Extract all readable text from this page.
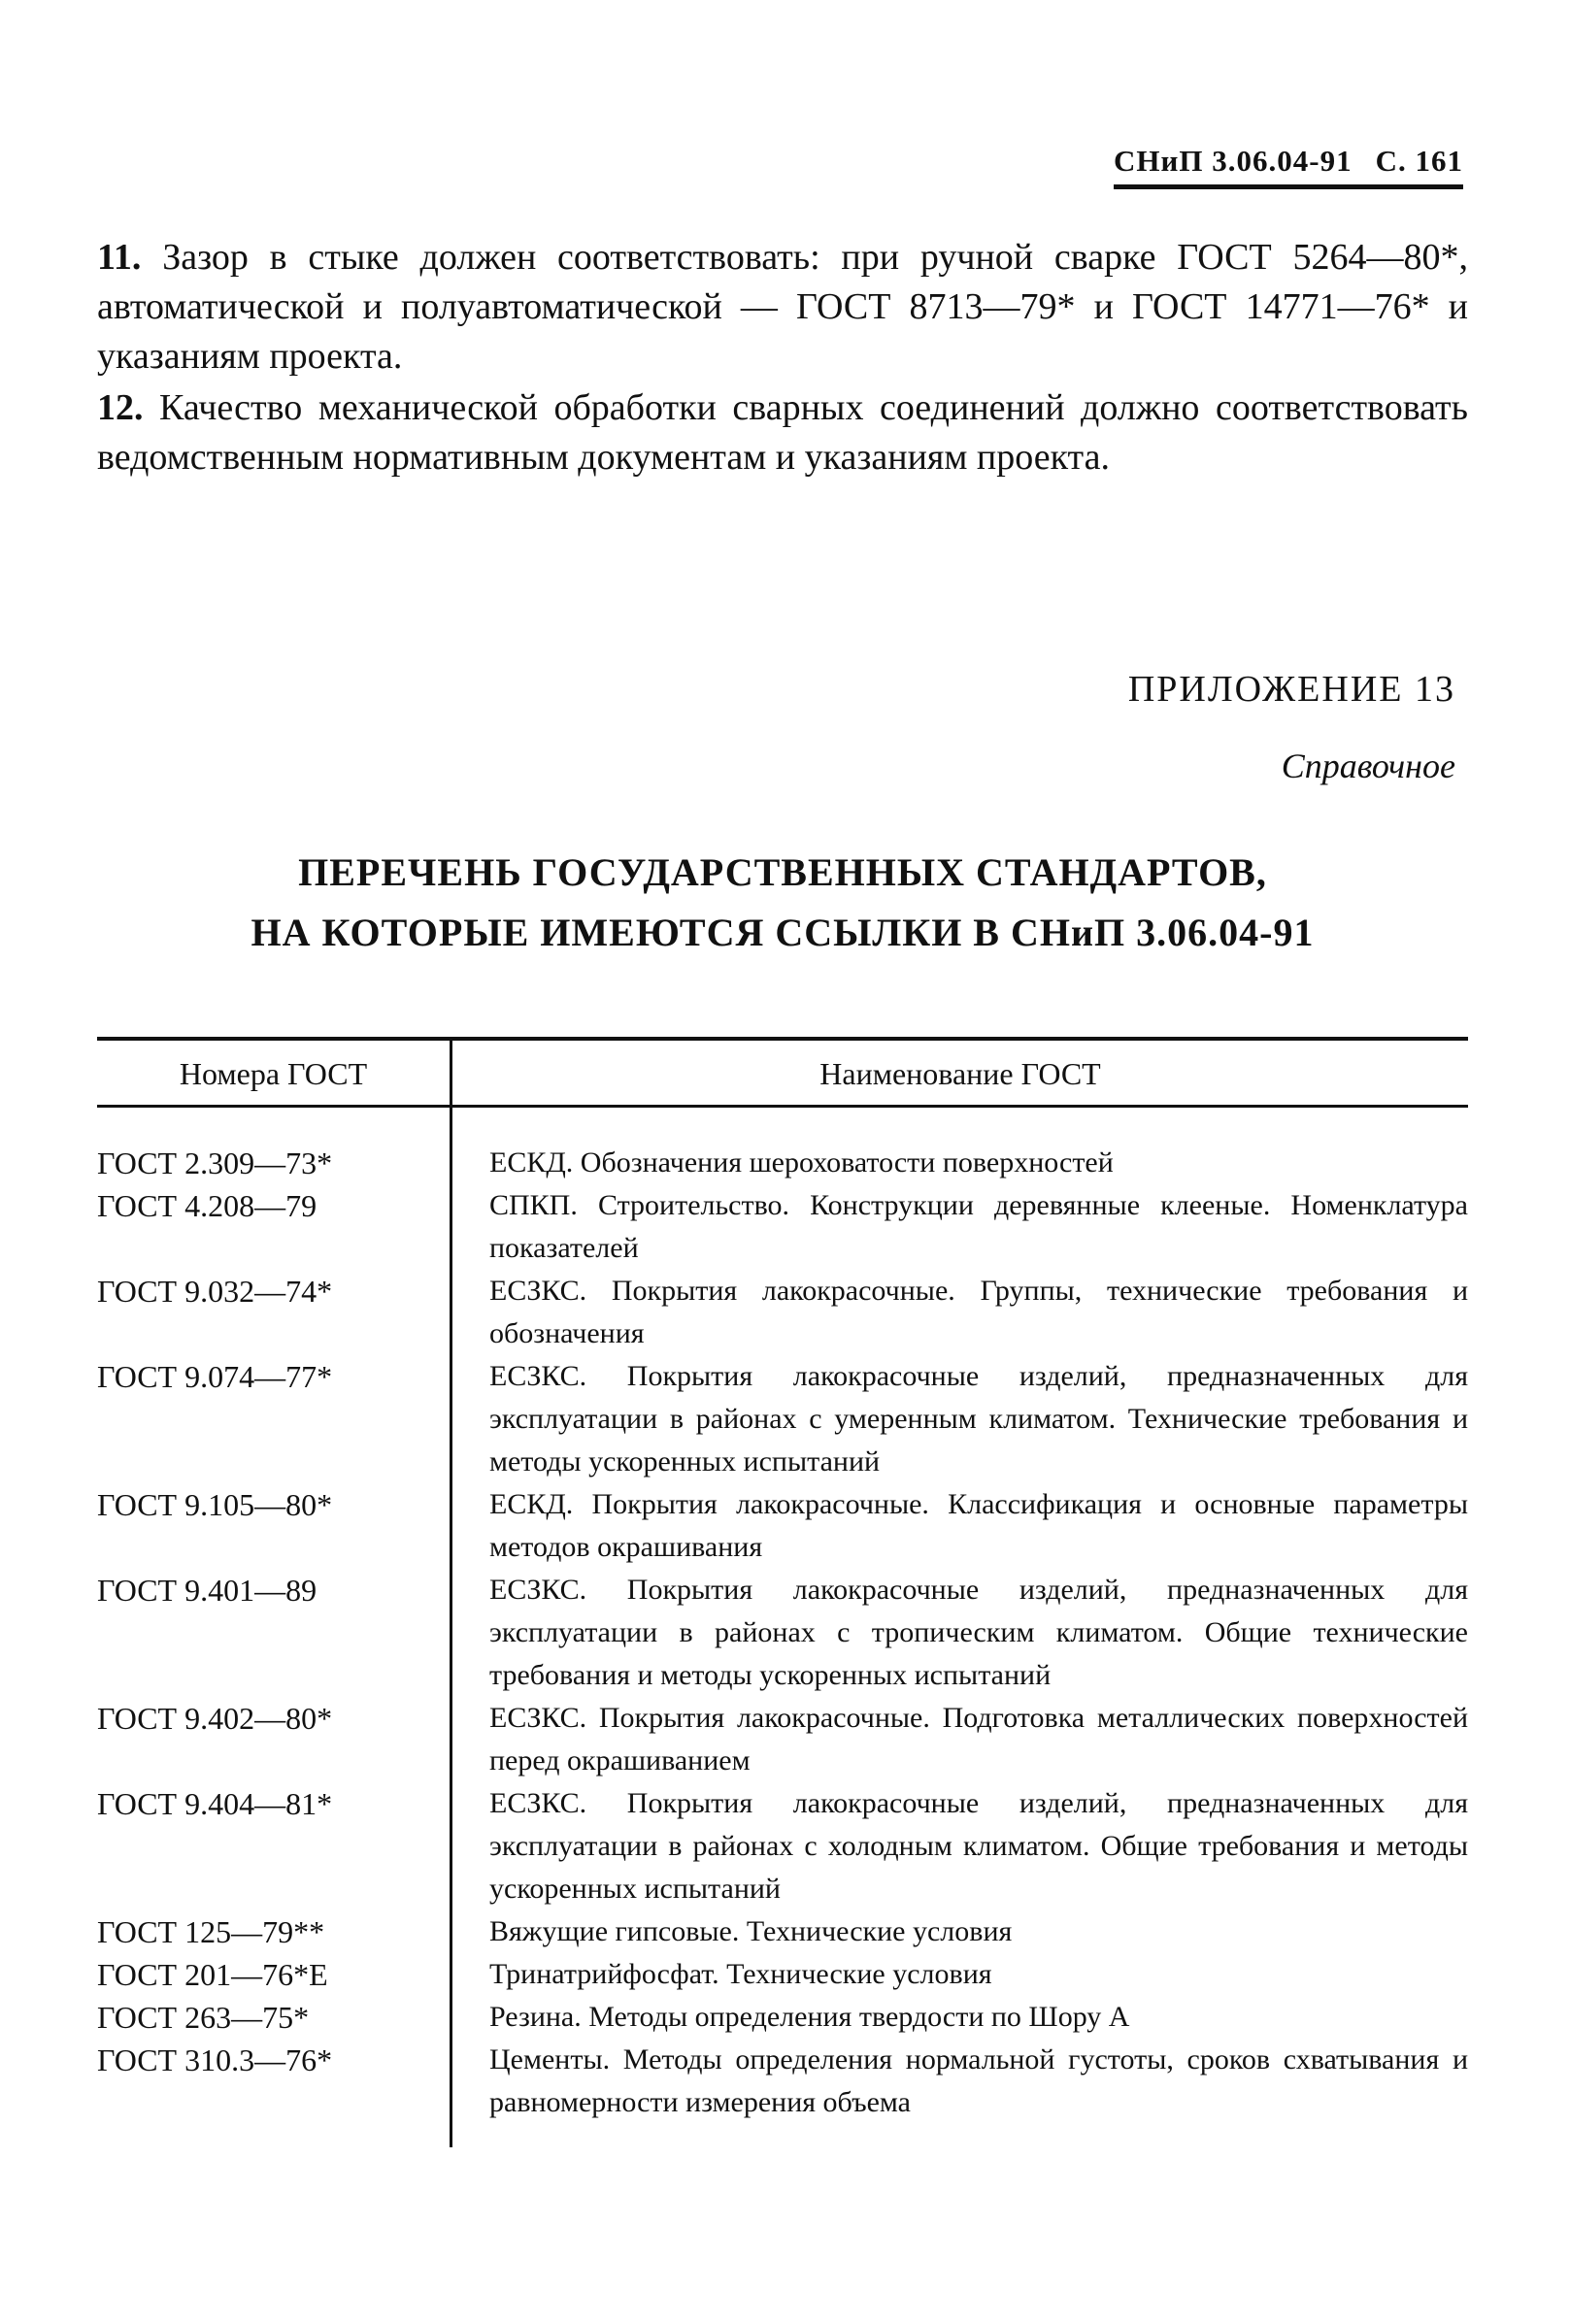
СНиП 3.06.04-91 С. 161
11. Зазор в стыке должен соответствовать: при ручной сварке ГОСТ 5264—80*, автоматической и полуавтоматической — ГОСТ 8713—79* и ГОСТ 14771—76* и указаниям проекта.
12. Качество механической обработки сварных соединений должно соответствовать ведомственным нормативным документам и указаниям проекта.
ПРИЛОЖЕНИЕ 13
Справочное
ПЕРЕЧЕНЬ ГОСУДАРСТВЕННЫХ СТАНДАРТОВ,
НА КОТОРЫЕ ИМЕЮТСЯ ССЫЛКИ В СНиП 3.06.04-91
Номера ГОСТ	Наименование ГОСТ
ГОСТ 2.309—73*	ЕСКД. Обозначения шероховатости поверхностей
ГОСТ 4.208—79	СПКП. Строительство. Конструкции деревянные клееные. Номенклатура показателей
ГОСТ 9.032—74*	ЕСЗКС. Покрытия лакокрасочные. Группы, технические требования и обозначения
ГОСТ 9.074—77*	ЕСЗКС. Покрытия лакокрасочные изделий, предназначенных для эксплуатации в районах с умеренным климатом. Технические требования и методы ускоренных испытаний
ГОСТ 9.105—80*	ЕСКД. Покрытия лакокрасочные. Классификация и основные параметры методов окрашивания
ГОСТ 9.401—89	ЕСЗКС. Покрытия лакокрасочные изделий, предназначенных для эксплуатации в районах с тропическим климатом. Общие технические требования и методы ускоренных испытаний
ГОСТ 9.402—80*	ЕСЗКС. Покрытия лакокрасочные. Подготовка металлических поверхностей перед окрашиванием
ГОСТ 9.404—81*	ЕСЗКС. Покрытия лакокрасочные изделий, предназначенных для эксплуатации в районах с холодным климатом. Общие требования и методы ускоренных испытаний
ГОСТ 125—79**	Вяжущие гипсовые. Технические условия
ГОСТ 201—76*Е	Тринатрийфосфат. Технические условия
ГОСТ 263—75*	Резина. Методы определения твердости по Шору А
ГОСТ 310.3—76*	Цементы. Методы определения нормальной густоты, сроков схватывания и равномерности измерения объема
